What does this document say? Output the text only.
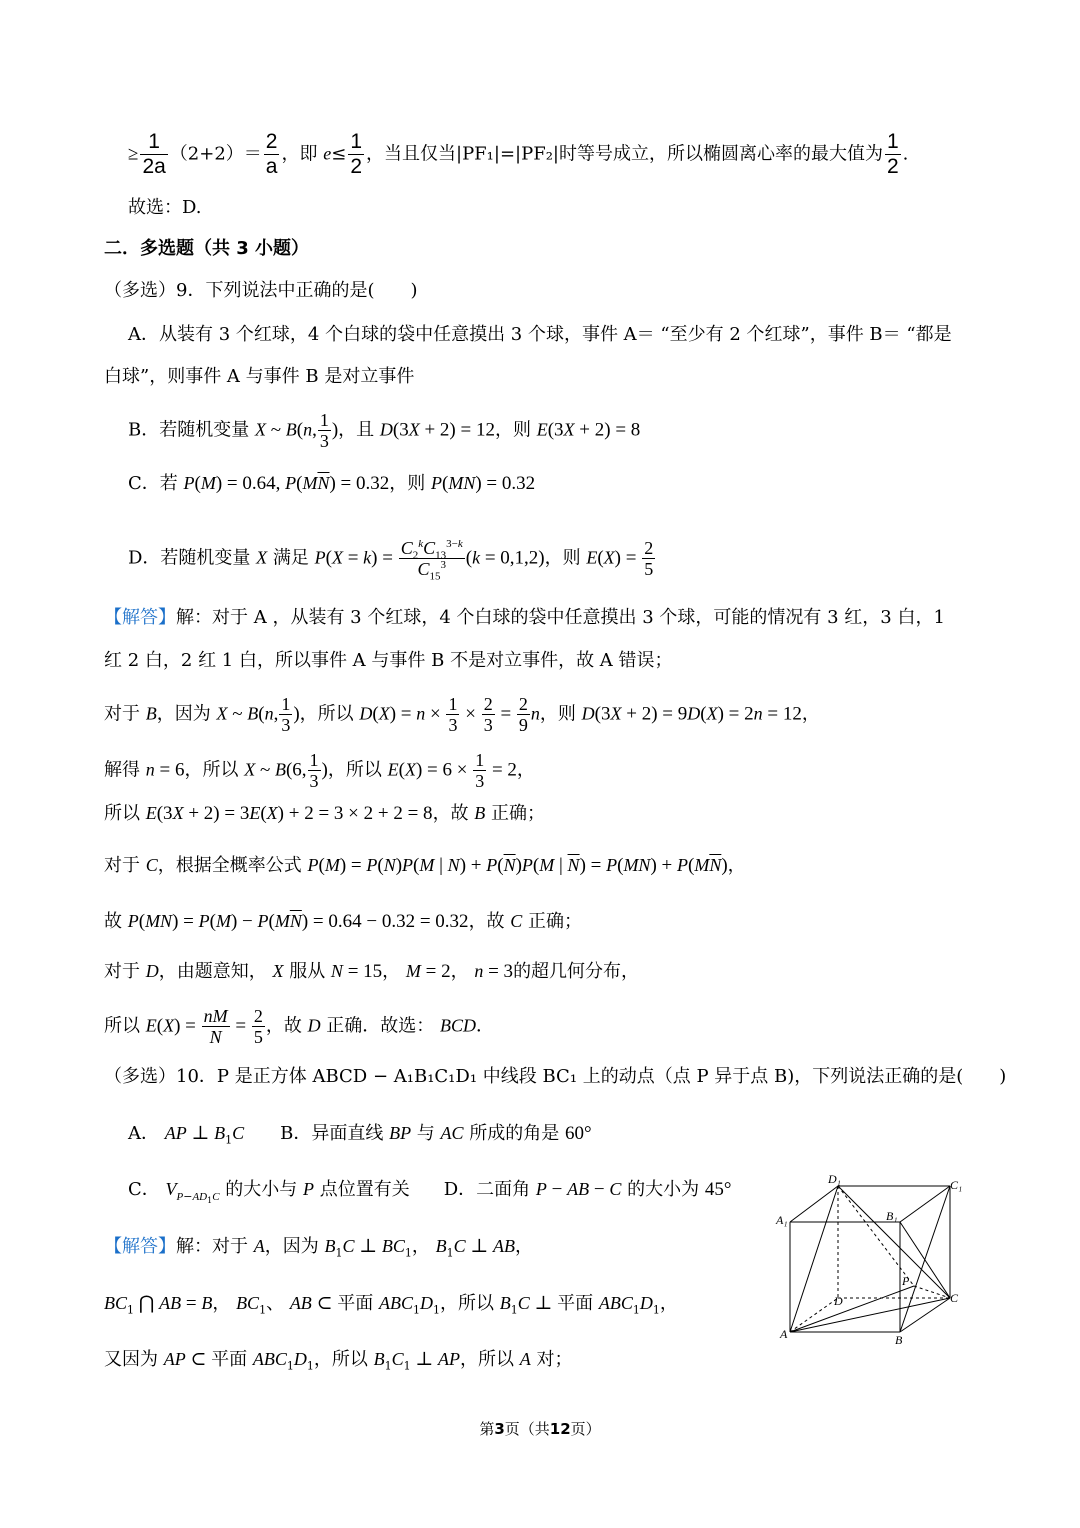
≥ $\frac{1}{2a} (2+2)= \frac{2}{a}$ ，即 $e\le \frac{1}{2}$ ，当且仅当|PF₁|=|PF₂|时等号成立，所以椭圆离心率的最大值为 $\frac{1}{2}$ .
故选：D.
二．多选题（共 3 小题）
（多选）9．下列说法中正确的是(　　)
A．从装有 3 个红球，4 个白球的袋中任意摸出 3 个球，事件 A＝ “至少有 2 个红球”，事件 B＝ “都是
白球”，则事件 A 与事件 B 是对立事件
B．若随机变量 X ~ B(n, $\frac{1}{3}$ )，且 D(3X + 2) = 12，则 E(3X + 2) = 8
C．若 P(M) = 0.64, $P(M\overline{N}) = 0.32$，则 P(MN) = 0.32
D．若随机变量 X 满足 $P(X = k) = \frac{C_2^kC_{13}^{3-k}}{C_{15}^3} (k = 0,1,2)$，则 $E(X) = \frac{2}{5}$
【解答】解：对于 A ，从装有 3 个红球，4 个白球的袋中任意摸出 3 个球，可能的情况有 3 红，3 白，1
红 2 白，2 红 1 白，所以事件 A 与事件 B 不是对立事件，故 A 错误；
对于 B，因为 X ~ B(n, $\frac{1}{3}$ )，所以 $D(X) = n \times \frac{1}{3} \times \frac{2}{3} = \frac{2}{9}$ n，则 D(3X + 2) = 9D(X) = 2n = 12，
解得 n = 6，所以 X ~ B(6, $\frac{1}{3}$ )，所以 $E(X) = 6 \times \frac{1}{3} = 2$，
所以 E(3X + 2) = 3E(X) + 2 = 3 × 2 + 2 = 8，故 B 正确；
对于 C，根据全概率公式 P(M) = P(N)P(M | $N) + P(\overline{N})P(M$ | $\overline{N}) = P(MN) + P(M\overline{N})$，
故 $P(MN) = P(M) - P(M\overline{N}) = 0.64 - 0.32 = 0.32$，故 C 正确；
对于 D，由题意知， X 服从 N = 15， M = 2， n = 3的超几何分布，
所以 $E(X) = \frac{nM}{N} = \frac{2}{5}$ ，故 D 正确．故选： BCD．
（多选）10．P 是正方体 ABCD − A₁B₁C₁D₁ 中线段 BC₁ 上的动点（点 P 异于点 B)，下列说法正确的是(　　)
A． AP ⊥ $B_1C$ B．异面直线 BP 与 AC 所成的角是 60°
C． $V_{P-AD_1C}$ 的大小与 P 点位置有关 D．二面角 P − AB − C 的大小为 45°
【解答】解：对于 A，因为 $B_1C$ ⊥ $BC_1$， $B_1C$ ⊥ AB，
$BC_1$ ⋂ AB = B， $BC_1$、 AB ⊂ 平面 $ABC_1D_1$，所以 $B_1C$ ⊥ 平面 $ABC_1D_1$，
又因为 AP ⊂ 平面 $ABC_1D_1$，所以 $B_1C_1$ ⊥ AP，所以 A 对；
D₁	C₁
A₁	B₁
P
D	C
A	B
第3页（共12页）
